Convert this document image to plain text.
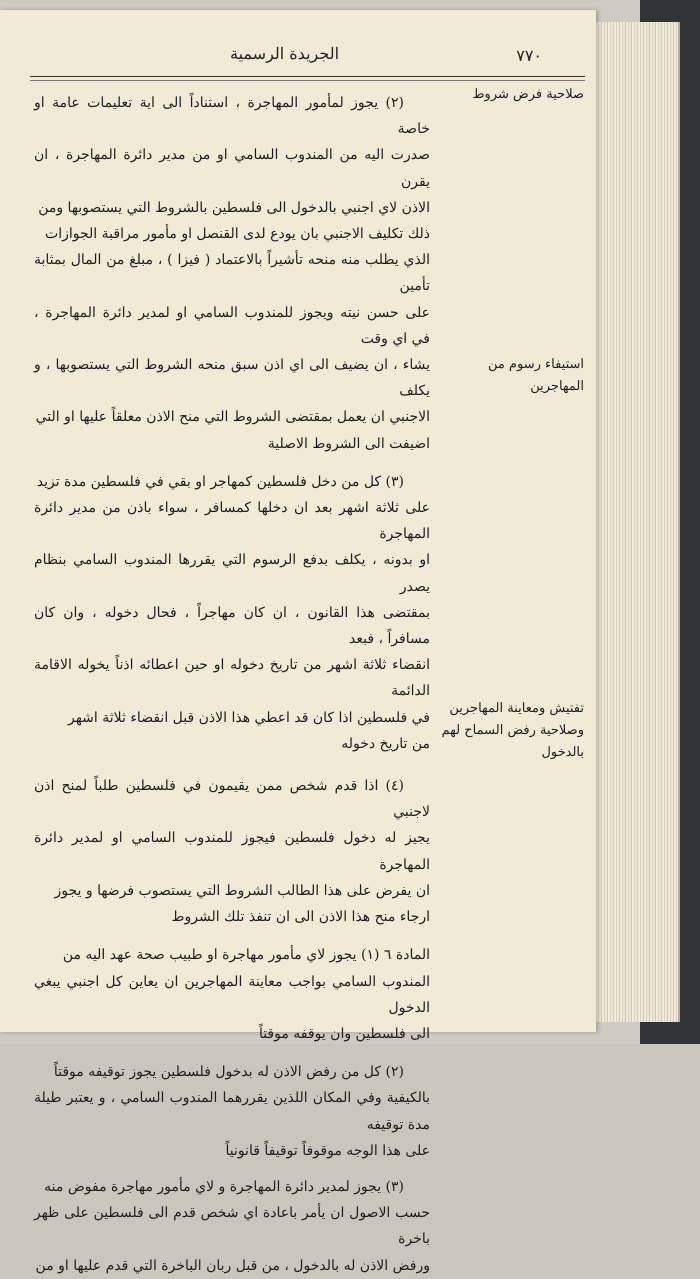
٧٧٠
الجريدة الرسمية

(٢) يجوز لمأمور المهاجرة ، استناداً الى اية تعليمات عامة او خاصة

صدرت اليه من المندوب السامي او من مدير دائرة المهاجرة ، ان يقرن

الاذن لاي اجنبي بالدخول الى فلسطين بالشروط التي يستصوبها ومن

ذلك تكليف الاجنبي بان يودع لدى القنصل او مأمور مراقبة الجوازات

الذي يطلب منه منحه تأشيراً بالاعتماد ( فيزا ) ، مبلغ من المال بمثابة تأمين

على حسن نيته ويجوز للمندوب السامي او لمدير دائرة المهاجرة ، في اي وقت

يشاء ، ان يضيف الى اي اذن سبق منحه الشروط التي يستصوبها ، و يكلف

الاجنبي ان يعمل بمقتضى الشروط التي منح الاذن معلقاً عليها او التي

اضيفت الى الشروط الاصلية

(٣) كل من دخل فلسطين كمهاجر او بقي في فلسطين مدة تزيد

على ثلاثة اشهر بعد ان دخلها كمسافر ، سواء باذن من مدير دائرة المهاجرة

او بدونه ، يكلف بدفع الرسوم التي يقررها المندوب السامي بنظام يصدر

بمقتضى هذا القانون ، ان كان مهاجراً ، فحال دخوله ، وان كان مسافراً ، فبعد

انقضاء ثلاثة اشهر من تاريخ دخوله او حين اعطائه اذناً يخوله الاقامة الدائمة

في فلسطين اذا كان قد اعطي هذا الاذن قبل انقضاء ثلاثة اشهر

من تاريخ دخوله

(٤) اذا قدم شخص ممن يقيمون في فلسطين طلباً لمنح اذن لاجنبي

يجيز له دخول فلسطين فيجوز للمندوب السامي او لمدير دائرة المهاجرة

ان يفرض على هذا الطالب الشروط التي يستصوب فرضها و يجوز

ارجاء منح هذا الاذن الى ان تنفذ تلك الشروط

المادة ٦ (١) يجوز لاي مأمور مهاجرة او طبيب صحة عهد اليه من

المندوب السامي بواجب معاينة المهاجرين ان يعاين كل اجنبي يبغي الدخول

الى فلسطين وان يوقفه موقتاً

(٢) كل من رفض الاذن له بدخول فلسطين يجوز توقيفه موقتاً

بالكيفية وفي المكان اللذين يقررهما المندوب السامي ، و يعتبر طيلة مدة توقيفه

على هذا الوجه موقوفاً توقيفاً قانونياً

(٣) يجوز لمدير دائرة المهاجرة و لاي مأمور مهاجرة مفوض منه

حسب الاصول ان يأمر باعادة اي شخص قدم الى فلسطين على ظهر باخرة

ورفض الاذن له بالدخول ، من قبل ربان الباخرة التي قدم عليها او من

صلاحية فرض شروط
استيفاء رسوم من المهاجرين
تفتيش ومعاينة المهاجرين وصلاحية رفض السماح لهم بالدخول
